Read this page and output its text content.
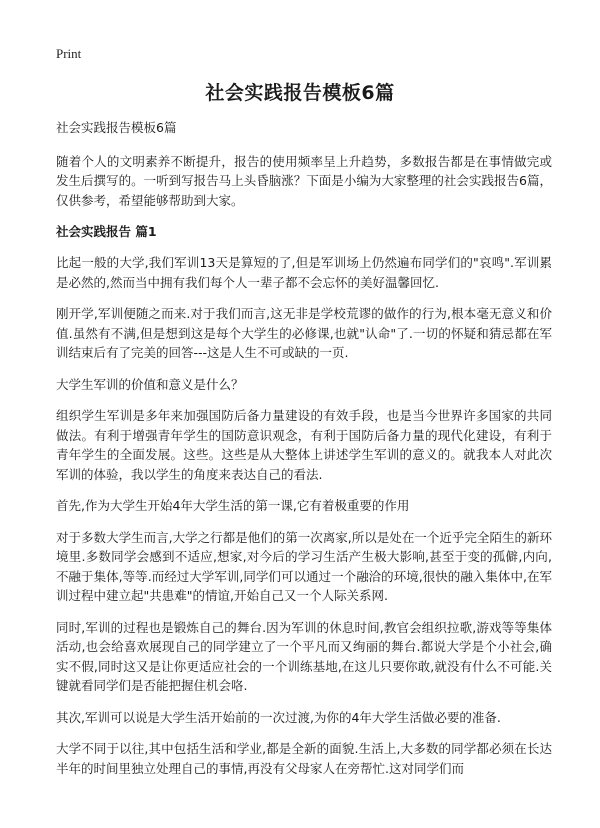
Print
社会实践报告模板6篇
社会实践报告模板6篇
随着个人的文明素养不断提升，报告的使用频率呈上升趋势，多数报告都是在事情做完或发生后撰写的。一听到写报告马上头昏脑涨？下面是小编为大家整理的社会实践报告6篇，仅供参考，希望能够帮助到大家。
社会实践报告 篇1
比起一般的大学,我们军训13天是算短的了,但是军训场上仍然遍布同学们的"哀鸣".军训累是必然的,然而当中拥有我们每个人一辈子都不会忘怀的美好温馨回忆.
刚开学,军训便随之而来.对于我们而言,这无非是学校荒谬的做作的行为,根本毫无意义和价值.虽然有不满,但是想到这是每个大学生的必修课,也就"认命"了.一切的怀疑和猜忌都在军训结束后有了完美的回答---这是人生不可或缺的一页.
大学生军训的价值和意义是什么？
组织学生军训是多年来加强国防后备力量建设的有效手段，也是当今世界许多国家的共同做法。有利于增强青年学生的国防意识观念，有利于国防后备力量的现代化建设，有利于青年学生的全面发展。这些。这些是从大整体上讲述学生军训的意义的。就我本人对此次军训的体验，我以学生的角度来表达自己的看法.
首先,作为大学生开始4年大学生活的第一课,它有着极重要的作用
对于多数大学生而言,大学之行都是他们的第一次离家,所以是处在一个近乎完全陌生的新环境里.多数同学会感到不适应,想家,对今后的学习生活产生极大影响,甚至于变的孤僻,内向,不融于集体,等等.而经过大学军训,同学们可以通过一个融洽的环境,很快的融入集体中,在军训过程中建立起"共患难"的情谊,开始自己又一个人际关系网.
同时,军训的过程也是锻炼自己的舞台.因为军训的休息时间,教官会组织拉歌,游戏等等集体活动,也会给喜欢展现自己的同学建立了一个平凡而又绚丽的舞台.都说大学是个小社会,确实不假,同时这又是让你更适应社会的一个训练基地,在这儿只要你敢,就没有什么不可能.关键就看同学们是否能把握住机会咯.
其次,军训可以说是大学生活开始前的一次过渡,为你的4年大学生活做必要的准备.
大学不同于以往,其中包括生活和学业,都是全新的面貌.生活上,大多数的同学都必须在长达半年的时间里独立处理自己的事情,再没有父母家人在旁帮忙.这对同学们而
